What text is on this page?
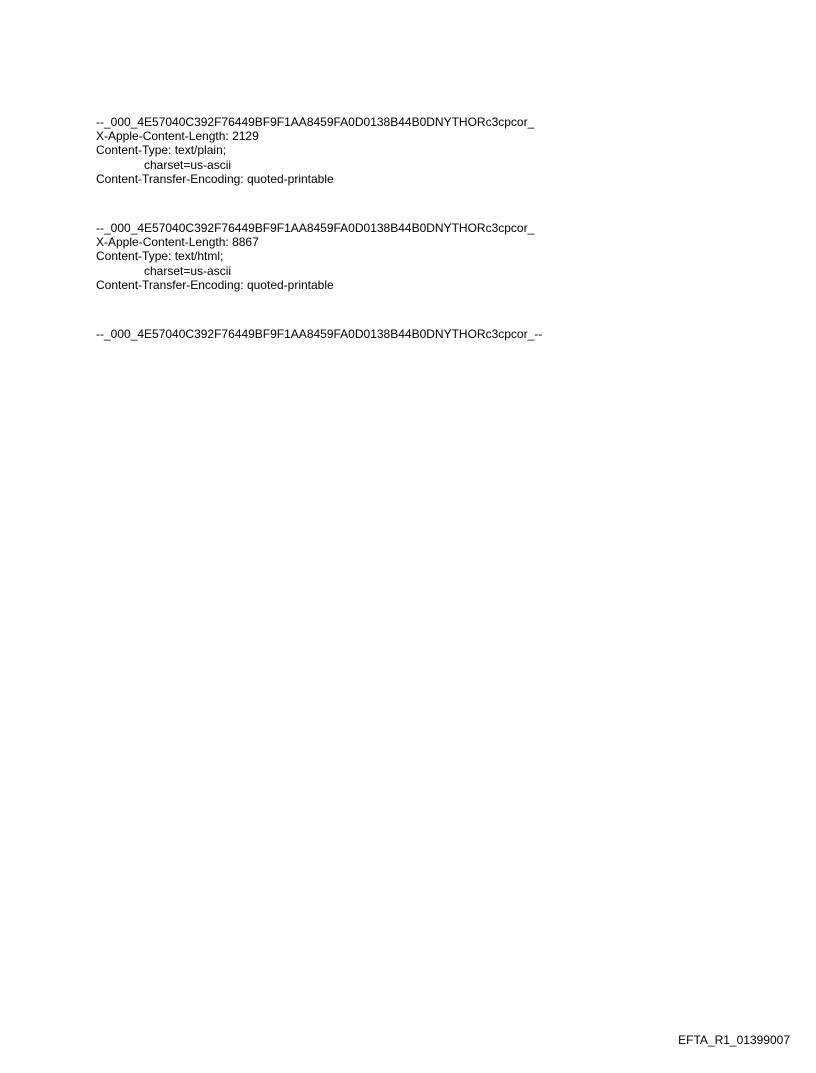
--_000_4E57040C392F76449BF9F1AA8459FA0D0138B44B0DNYTHORc3cpcor_
X-Apple-Content-Length: 2129
Content-Type: text/plain;
charset=us-ascii
Content-Transfer-Encoding: quoted-printable
--_000_4E57040C392F76449BF9F1AA8459FA0D0138B44B0DNYTHORc3cpcor_
X-Apple-Content-Length: 8867
Content-Type: text/html;
charset=us-ascii
Content-Transfer-Encoding: quoted-printable
--_000_4E57040C392F76449BF9F1AA8459FA0D0138B44B0DNYTHORc3cpcor_--
EFTA_R1_01399007
